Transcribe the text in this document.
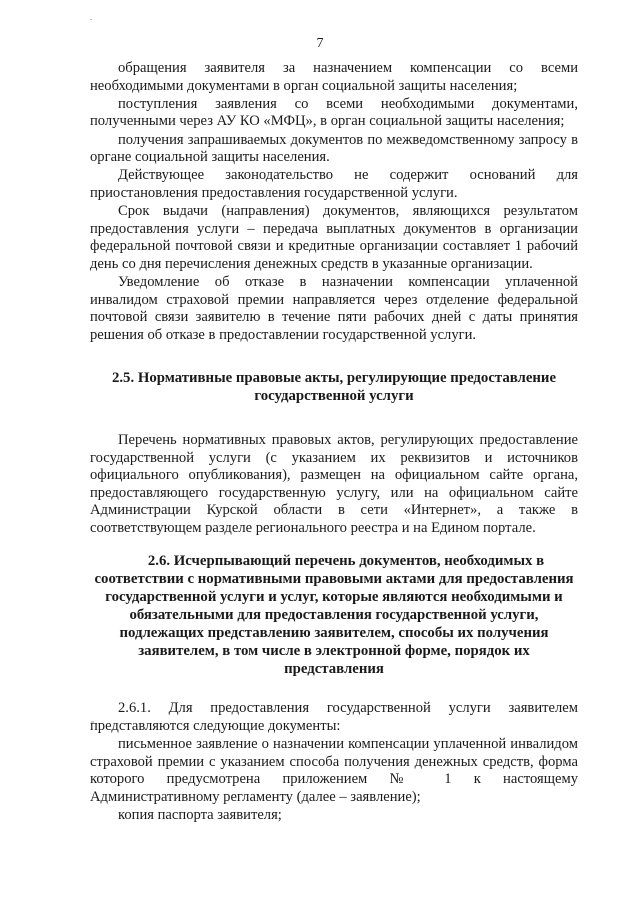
7

обращения заявителя за назначением компенсации со всеми необходимыми документами в орган социальной защиты населения;

поступления заявления со всеми необходимыми документами, полученными через АУ КО «МФЦ», в орган социальной защиты населения;

получения запрашиваемых документов по межведомственному запросу в органе социальной защиты населения.

Действующее законодательство не содержит оснований для приостановления предоставления государственной услуги.

Срок выдачи (направления) документов, являющихся результатом предоставления услуги – передача выплатных документов в организации федеральной почтовой связи и кредитные организации составляет 1 рабочий день со дня перечисления денежных средств в указанные организации.

Уведомление об отказе в назначении компенсации уплаченной инвалидом страховой премии направляется через отделение федеральной почтовой связи заявителю в течение пяти рабочих дней с даты принятия решения об отказе в предоставлении государственной услуги.

2.5. Нормативные правовые акты, регулирующие предоставление
государственной услуги

Перечень нормативных правовых актов, регулирующих предоставление государственной услуги (с указанием их реквизитов и источников официального опубликования), размещен на официальном сайте органа, предоставляющего государственную услугу, или на официальном сайте Администрации Курской области в сети «Интернет», а также в соответствующем разделе регионального реестра и на Едином портале.

2.6. Исчерпывающий перечень документов, необходимых в соответствии с нормативными правовыми актами для предоставления государственной услуги и услуг, которые являются необходимыми и обязательными для предоставления государственной услуги, подлежащих представлению заявителем, способы их получения заявителем, в том числе в электронной форме, порядок их представления

2.6.1. Для предоставления государственной услуги заявителем представляются следующие документы:

письменное заявление о назначении компенсации уплаченной инвалидом страховой премии с указанием способа получения денежных средств, форма которого предусмотрена приложением № 1 к настоящему Административному регламенту (далее – заявление);

копия паспорта заявителя;
